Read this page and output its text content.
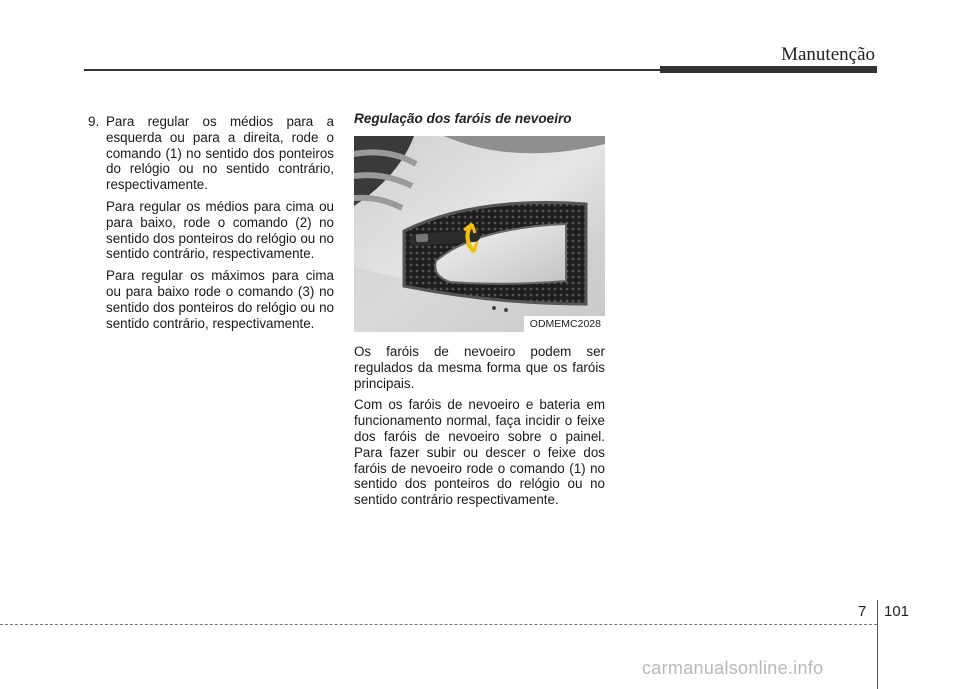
Manutenção

9. Para regular os médios para a esquerda ou para a direita, rode o comando (1) no sentido dos ponteiros do relógio ou no sentido contrário, respectivamente.

Para regular os médios para cima ou para baixo, rode o comando (2) no sentido dos ponteiros do relógio ou no sentido contrário, respectivamente.

Para regular os máximos para cima ou para baixo rode o comando (3) no sentido dos ponteiros do relógio ou no sentido contrário, respectivamente.

Regulação dos faróis de nevoeiro
ODMEMC2028

Os faróis de nevoeiro podem ser regulados da mesma forma que os faróis principais.

Com os faróis de nevoeiro e bateria em funcionamento normal, faça incidir o feixe dos faróis de nevoeiro sobre o painel. Para fazer subir ou descer o feixe dos faróis de nevoeiro rode o comando (1) no sentido dos ponteiros do relógio ou no sentido contrário respectivamente.

7 101
carmanualsonline.info
